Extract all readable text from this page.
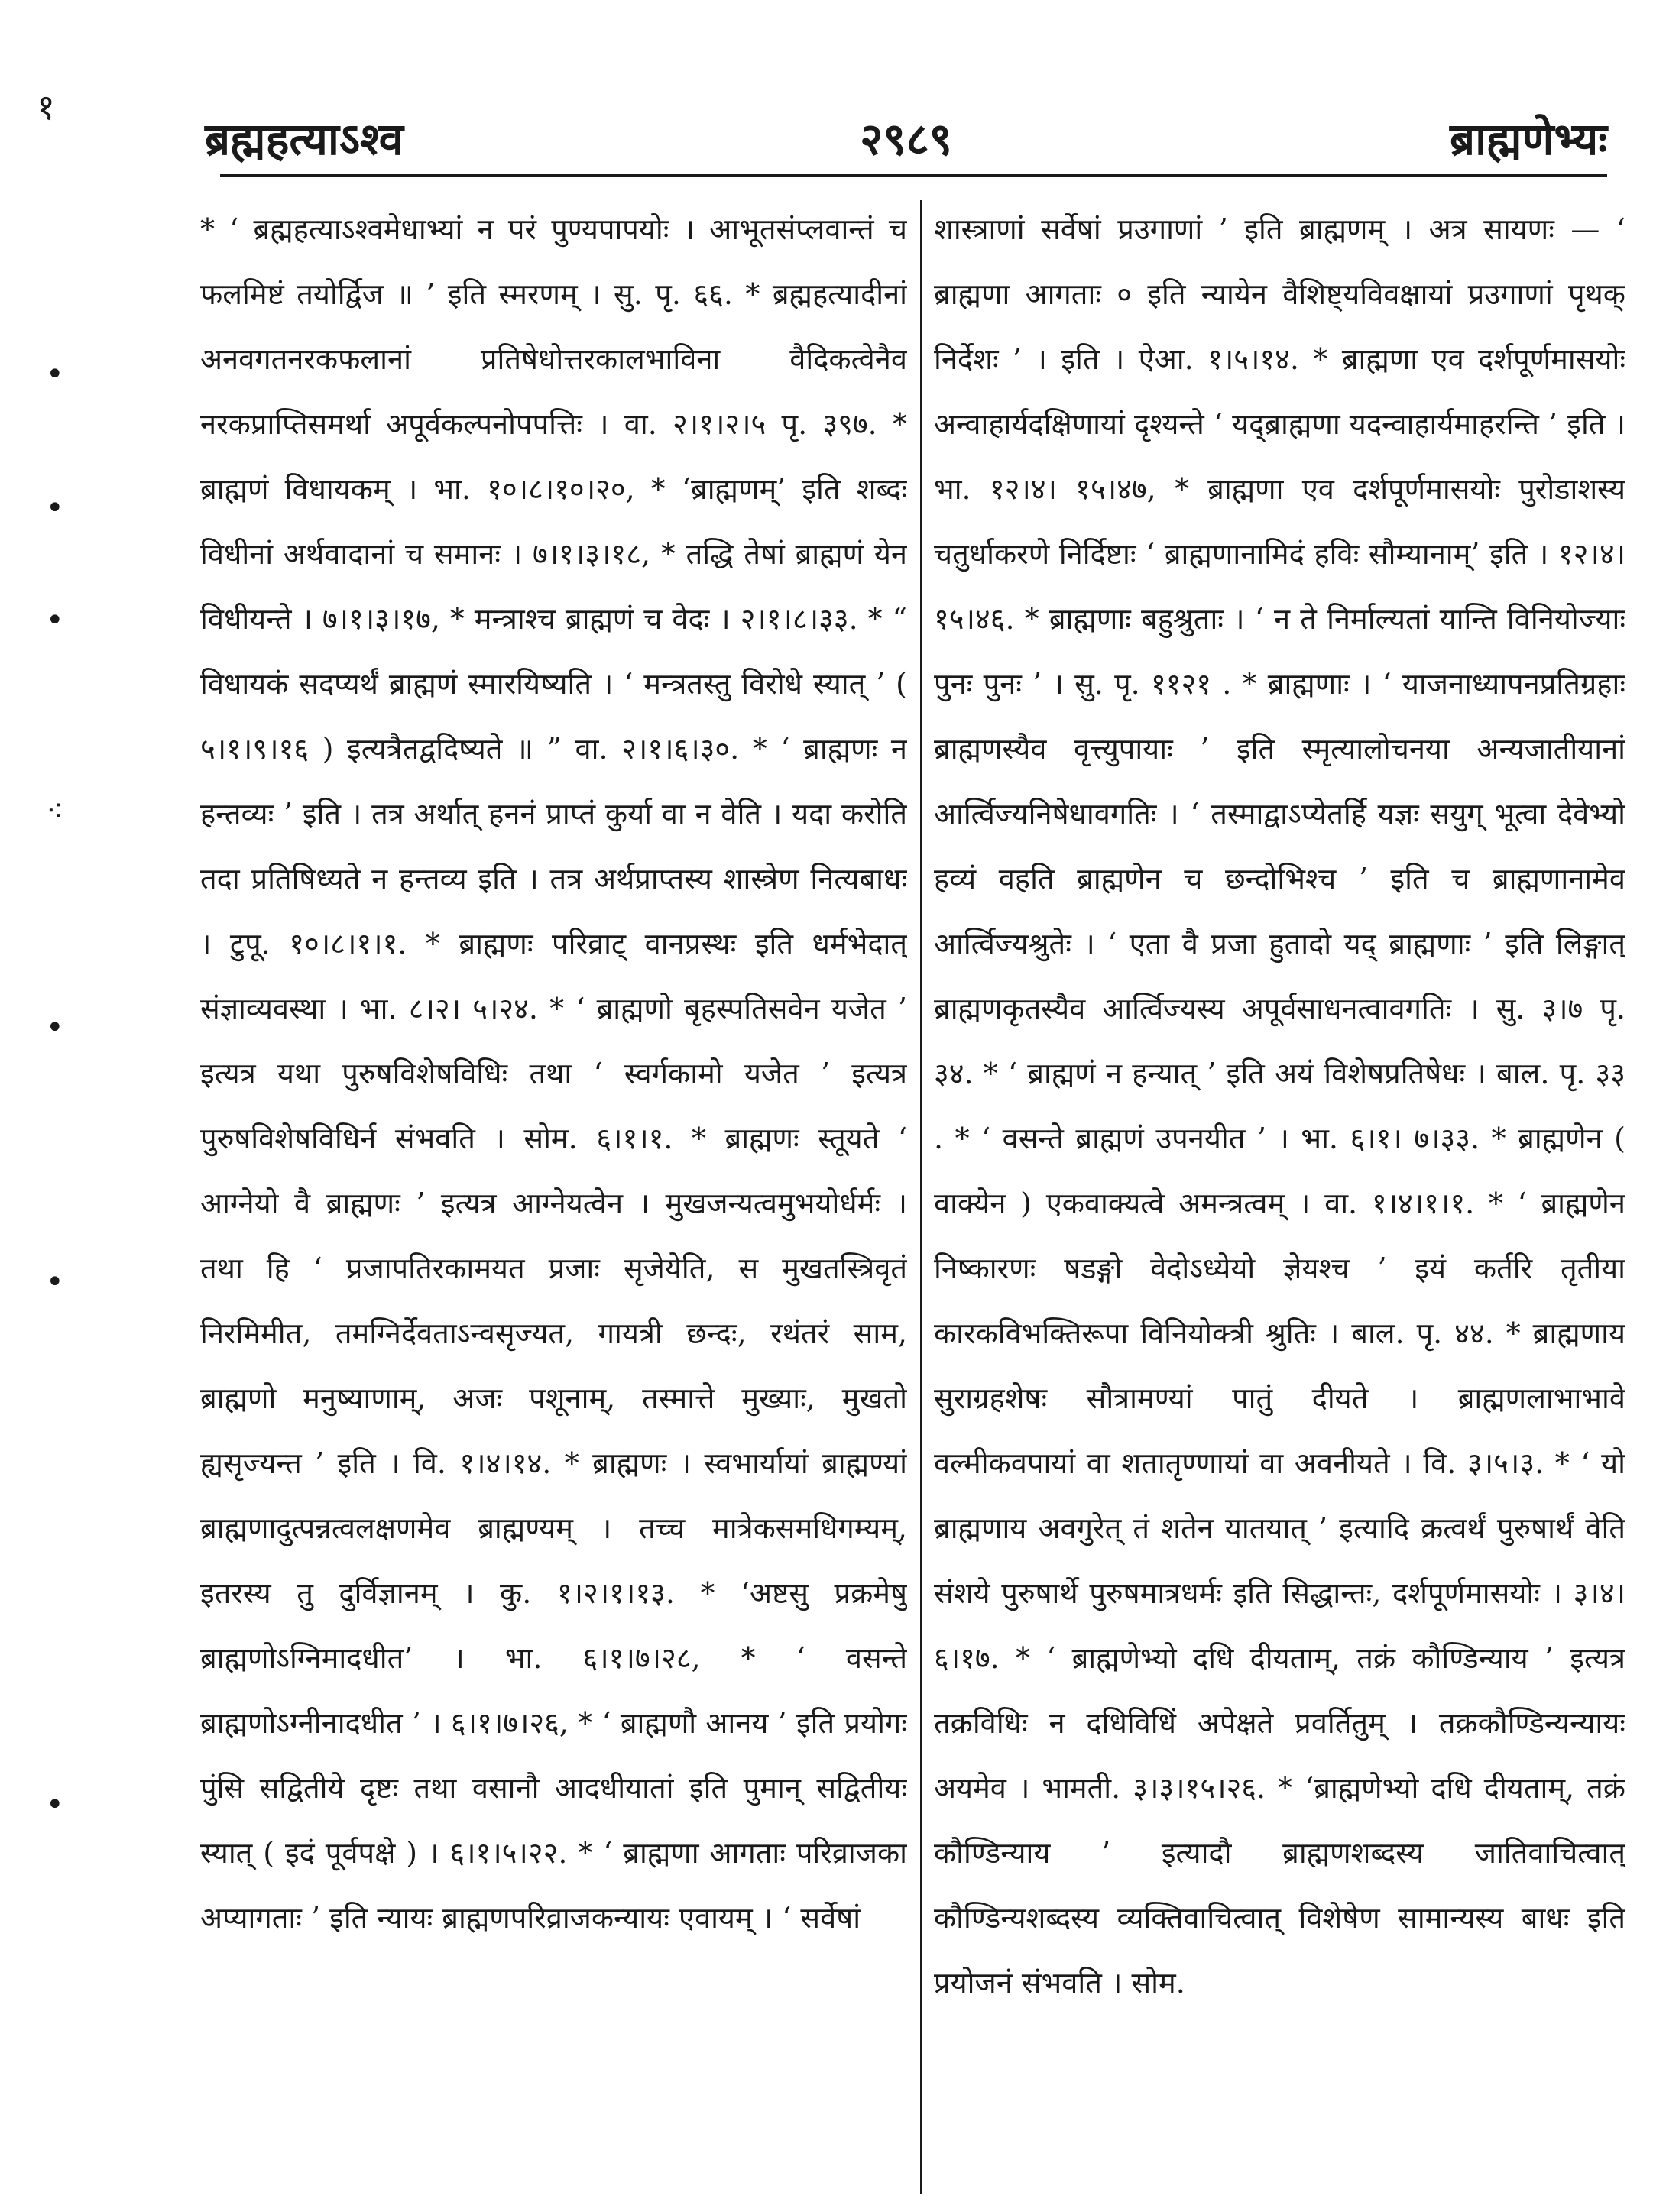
१
•
•
•
⁖
•
•
•
ब्रह्महत्याऽश्व	२९८९	ब्राह्मणेभ्यः

* ‘ ब्रह्महत्याऽश्वमेधाभ्यां न परं पुण्यपापयोः । आभूतसंप्लवान्तं च फलमिष्टं तयोर्द्विज ॥ ’ इति स्मरणम् । सु. पृ. ६६. * ब्रह्महत्यादीनां अनवगतनरकफलानां प्रतिषेधोत्तरकालभाविना वैदिकत्वेनैव नरकप्राप्तिसमर्था अपूर्वकल्पनोपपत्तिः । वा. २।१।२।५ पृ. ३९७. * ब्राह्मणं विधायकम् । भा. १०।८।१०।२०, * ‘ब्राह्मणम्’ इति शब्दः विधीनां अर्थवादानां च समानः । ७।१।३।१८, * तद्धि तेषां ब्राह्मणं येन विधीयन्ते । ७।१।३।१७, * मन्त्राश्च ब्राह्मणं च वेदः । २।१।८।३३. * “ विधायकं सदप्यर्थं ब्राह्मणं स्मारयिष्यति । ‘ मन्त्रतस्तु विरोधे स्यात् ’ ( ५।१।९।१६ ) इत्यत्रैतद्वदिष्यते ॥ ” वा. २।१।६।३०. * ‘ ब्राह्मणः न हन्तव्यः ’ इति । तत्र अर्थात् हननं प्राप्तं कुर्या वा न वेति । यदा करोति तदा प्रतिषिध्यते न हन्तव्य इति । तत्र अर्थप्राप्तस्य शास्त्रेण नित्यबाधः । टुपू. १०।८।१।१. * ब्राह्मणः परिव्राट् वानप्रस्थः इति धर्मभेदात् संज्ञाव्यवस्था । भा. ८।२। ५।२४. * ‘ ब्राह्मणो बृहस्पतिसवेन यजेत ’ इत्यत्र यथा पुरुषविशेषविधिः तथा ‘ स्वर्गकामो यजेत ’ इत्यत्र पुरुषविशेषविधिर्न संभवति । सोम. ६।१।१. * ब्राह्मणः स्तूयते ‘ आग्नेयो वै ब्राह्मणः ’ इत्यत्र आग्नेयत्वेन । मुखजन्यत्वमुभयोर्धर्मः । तथा हि ‘ प्रजापतिरकामयत प्रजाः सृजेयेति, स मुखतस्त्रिवृतं निरमिमीत, तमग्निर्देवताऽन्वसृज्यत, गायत्री छन्दः, रथंतरं साम, ब्राह्मणो मनुष्याणाम्, अजः पशूनाम्, तस्मात्ते मुख्याः, मुखतो ह्यसृज्यन्त ’ इति । वि. १।४।१४. * ब्राह्मणः । स्वभार्यायां ब्राह्मण्यां ब्राह्मणादुत्पन्नत्वलक्षणमेव ब्राह्मण्यम् । तच्च मात्रेकसमधिगम्यम्, इतरस्य तु दुर्विज्ञानम् । कु. १।२।१।१३. * ‘अष्टसु प्रक्रमेषु ब्राह्मणोऽग्निमादधीत’ । भा. ६।१।७।२८, * ‘ वसन्ते ब्राह्मणोऽग्नीनादधीत ’ । ६।१।७।२६, * ‘ ब्राह्मणौ आनय ’ इति प्रयोगः पुंसि सद्वितीये दृष्टः तथा वसानौ आदधीयातां इति पुमान् सद्वितीयः स्यात् ( इदं पूर्वपक्षे ) । ६।१।५।२२. * ‘ ब्राह्मणा आगताः परिव्राजका अप्यागताः ’ इति न्यायः ब्राह्मणपरिव्राजकन्यायः एवायम् । ‘ सर्वेषां

शास्त्राणां सर्वेषां प्रउगाणां ’ इति ब्राह्मणम् । अत्र सायणः — ‘ ब्राह्मणा आगताः ० इति न्यायेन वैशिष्ट्यविवक्षायां प्रउगाणां पृथक् निर्देशः ’ । इति । ऐआ. १।५।१४. * ब्राह्मणा एव दर्शपूर्णमासयोः अन्वाहार्यदक्षिणायां दृश्यन्ते ‘ यद्ब्राह्मणा यदन्वाहार्यमाहरन्ति ’ इति । भा. १२।४। १५।४७, * ब्राह्मणा एव दर्शपूर्णमासयोः पुरोडाशस्य चतुर्धाकरणे निर्दिष्टाः ‘ ब्राह्मणानामिदं हविः सौम्यानाम्’ इति । १२।४।१५।४६. * ब्राह्मणाः बहुश्रुताः । ‘ न ते निर्माल्यतां यान्ति विनियोज्याः पुनः पुनः ’ । सु. पृ. ११२१ . * ब्राह्मणाः । ‘ याजनाध्यापनप्रतिग्रहाः ब्राह्मणस्यैव वृत्त्युपायाः ’ इति स्मृत्यालोचनया अन्यजातीयानां आर्त्विज्यनिषेधावगतिः । ‘ तस्माद्वाऽप्येतर्हि यज्ञः सयुग् भूत्वा देवेभ्यो हव्यं वहति ब्राह्मणेन च छन्दोभिश्च ’ इति च ब्राह्मणानामेव आर्त्विज्यश्रुतेः । ‘ एता वै प्रजा हुतादो यद् ब्राह्मणाः ’ इति लिङ्गात् ब्राह्मणकृतस्यैव आर्त्विज्यस्य अपूर्वसाधनत्वावगतिः । सु. ३।७ पृ. ३४. * ‘ ब्राह्मणं न हन्यात् ’ इति अयं विशेषप्रतिषेधः । बाल. पृ. ३३ . * ‘ वसन्ते ब्राह्मणं उपनयीत ’ । भा. ६।१। ७।३३. * ब्राह्मणेन ( वाक्येन ) एकवाक्यत्वे अमन्त्रत्वम् । वा. १।४।१।१. * ‘ ब्राह्मणेन निष्कारणः षडङ्गो वेदोऽध्येयो ज्ञेयश्च ’ इयं कर्तरि तृतीया कारकविभक्तिरूपा विनियोक्त्री श्रुतिः । बाल. पृ. ४४. * ब्राह्मणाय सुराग्रहशेषः सौत्रामण्यां पातुं दीयते । ब्राह्मणलाभाभावे वल्मीकवपायां वा शतातृण्णायां वा अवनीयते । वि. ३।५।३. * ‘ यो ब्राह्मणाय अवगुरेत् तं शतेन यातयात् ’ इत्यादि क्रत्वर्थं पुरुषार्थं वेति संशये पुरुषार्थे पुरुषमात्रधर्मः इति सिद्धान्तः, दर्शपूर्णमासयोः । ३।४।६।१७. * ‘ ब्राह्मणेभ्यो दधि दीयताम्, तक्रं कौण्डिन्याय ’ इत्यत्र तक्रविधिः न दधिविधिं अपेक्षते प्रवर्तितुम् । तक्रकौण्डिन्यन्यायः अयमेव । भामती. ३।३।१५।२६. * ‘ब्राह्मणेभ्यो दधि दीयताम्, तक्रं कौण्डिन्याय ’ इत्यादौ ब्राह्मणशब्दस्य जातिवाचित्वात् कौण्डिन्यशब्दस्य व्यक्तिवाचित्वात् विशेषेण सामान्यस्य बाधः इति प्रयोजनं संभवति । सोम.
